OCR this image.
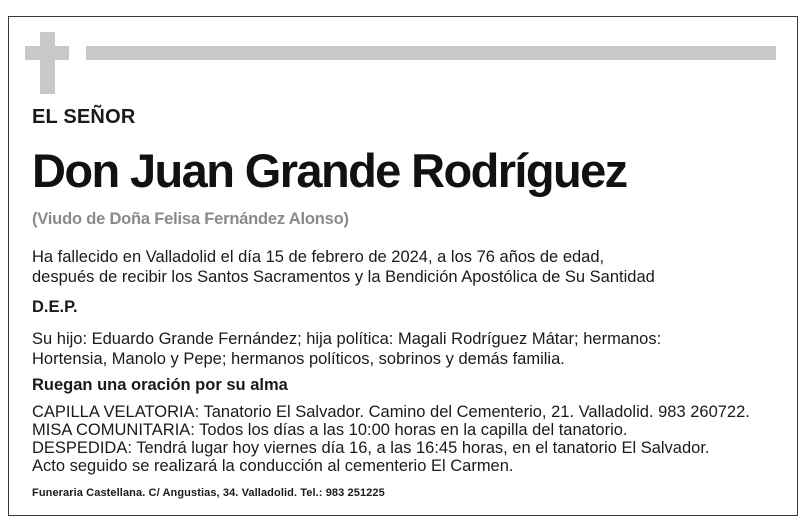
EL SEÑOR
Don Juan Grande Rodríguez
(Viudo de Doña Felisa Fernández Alonso)
Ha fallecido en Valladolid el día 15 de febrero de 2024, a los 76 años de edad,
después de recibir los Santos Sacramentos y la Bendición Apostólica de Su Santidad
D.E.P.
Su hijo: Eduardo Grande Fernández; hija política: Magali Rodríguez Mátar; hermanos:
Hortensia, Manolo y Pepe; hermanos políticos, sobrinos y demás familia.
Ruegan una oración por su alma
CAPILLA VELATORIA: Tanatorio El Salvador. Camino del Cementerio, 21. Valladolid. 983 260722.
MISA COMUNITARIA: Todos los días a las 10:00 horas en la capilla del tanatorio.
DESPEDIDA: Tendrá lugar hoy viernes día 16, a las 16:45 horas, en el tanatorio El Salvador.
Acto seguido se realizará la conducción al cementerio El Carmen.
Funeraria Castellana. C/ Angustias, 34. Valladolid. Tel.: 983 251225
